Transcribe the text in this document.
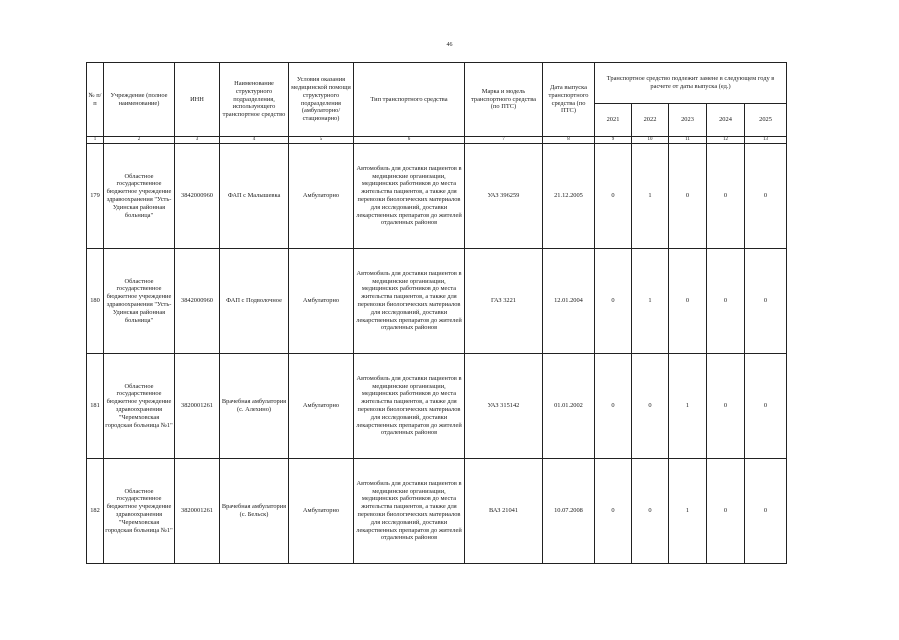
46
№ п/п	Учреждение (полное наименование)	ИНН	Наименование структурного подразделения, использующего транспортное средство	Условия оказания медицинской помощи структурного подразделения (амбулаторно/стационарно)	Тип транспортного средства	Марка и модель транспортного средства (по ПТС)	Дата выпуска транспортного средства (по ПТС)	Транспортное средство подлежит замене в следующем году в расчете от даты выпуска (ед.)				
								2021	2022	2023	2024	2025
1	2	3	4	5	6	7	8	9	10	11	12	13
179	Областное государственное бюджетное учреждение здравоохранения "Усть-Удинская районная больница"	3842000960	ФАП с Малышевка	Амбулаторно	Автомобиль для доставки пациентов в медицинские организации, медицинских работников до места жительства пациентов, а также для перевозки биологических материалов для исследований, доставки лекарственных препаратов до жителей отдаленных районов	УАЗ 396259	21.12.2005	0	1	0	0	0
180	Областное государственное бюджетное учреждение здравоохранения "Усть-Удинская районная больница"	3842000960	ФАП с Подволочное	Амбулаторно	Автомобиль для доставки пациентов в медицинские организации, медицинских работников до места жительства пациентов, а также для перевозки биологических материалов для исследований, доставки лекарственных препаратов до жителей отдаленных районов	ГАЗ 3221	12.01.2004	0	1	0	0	0
181	Областное государственное бюджетное учреждение здравоохранения "Черемховская городская больница №1"	3820001261	Врачебная амбулатория (с. Алехино)	Амбулаторно	Автомобиль для доставки пациентов в медицинские организации, медицинских работников до места жительства пациентов, а также для перевозки биологических материалов для исследований, доставки лекарственных препаратов до жителей отдаленных районов	УАЗ 315142	01.01.2002	0	0	1	0	0
182	Областное государственное бюджетное учреждение здравоохранения "Черемховская городская больница №1"	3820001261	Врачебная амбулатория (с. Бельск)	Амбулаторно	Автомобиль для доставки пациентов в медицинские организации, медицинских работников до места жительства пациентов, а также для перевозки биологических материалов для исследований, доставки лекарственных препаратов до жителей отдаленных районов	ВАЗ 21041	10.07.2008	0	0	1	0	0
